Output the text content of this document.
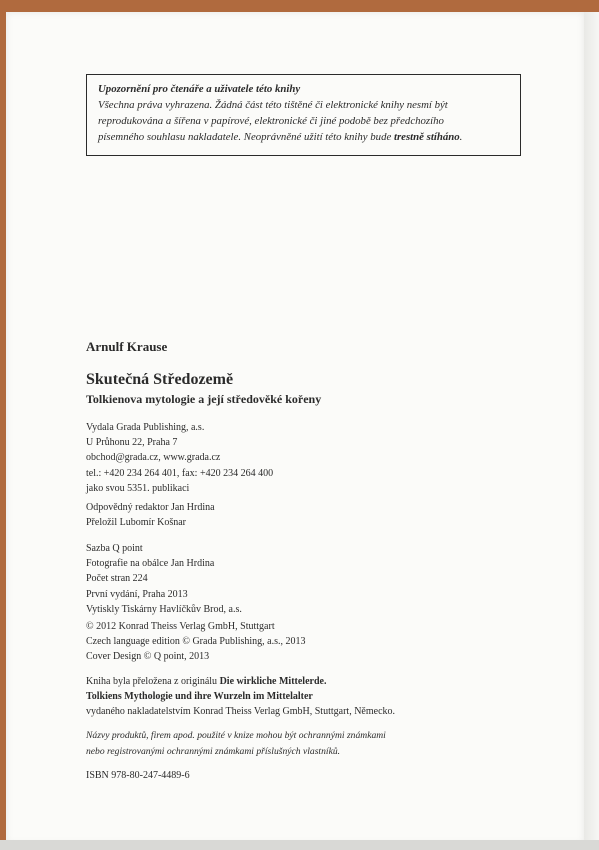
Upozornění pro čtenáře a uživatele této knihy
Všechna práva vyhrazena. Žádná část této tištěné či elektronické knihy nesmí být
reprodukována a šířena v papírové, elektronické či jiné podobě bez předchozího
písemného souhlasu nakladatele. Neoprávněné užití této knihy bude trestně stíháno.
Arnulf Krause
Skutečná Středozemě
Tolkienova mytologie a její středověké kořeny
Vydala Grada Publishing, a.s.
U Průhonu 22, Praha 7
obchod@grada.cz, www.grada.cz
tel.: +420 234 264 401, fax: +420 234 264 400
jako svou 5351. publikaci
Odpovědný redaktor Jan Hrdina
Přeložil Lubomír Košnar
Sazba Q point
Fotografie na obálce Jan Hrdina
Počet stran 224
První vydání, Praha 2013
Vytiskly Tiskárny Havlíčkův Brod, a.s.
© 2012 Konrad Theiss Verlag GmbH, Stuttgart
Czech language edition © Grada Publishing, a.s., 2013
Cover Design © Q point, 2013
Kniha byla přeložena z originálu Die wirkliche Mittelerde.
Tolkiens Mythologie und ihre Wurzeln im Mittelalter
vydaného nakladatelstvím Konrad Theiss Verlag GmbH, Stuttgart, Německo.
Názvy produktů, firem apod. použité v knize mohou být ochrannými známkami
nebo registrovanými ochrannými známkami příslušných vlastníků.
ISBN 978-80-247-4489-6
